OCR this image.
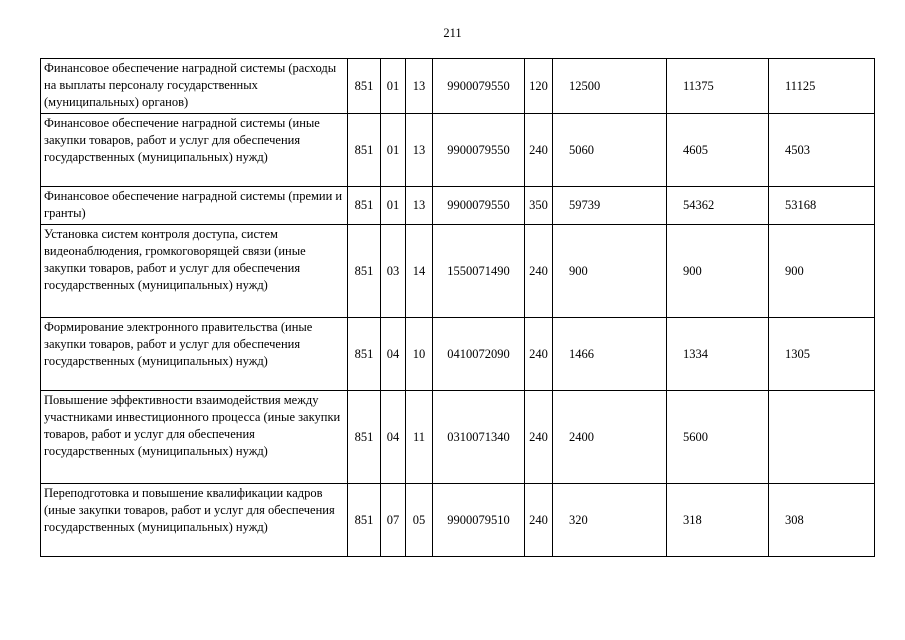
211
Финансовое обеспечение наградной системы (расходы на выплаты персоналу государственных (муниципальных) органов)	851	01	13	9900079550	120	12500	11375	11125
Финансовое обеспечение наградной системы (иные закупки товаров, работ и услуг для обеспечения государственных (муниципальных) нужд)	851	01	13	9900079550	240	5060	4605	4503
Финансовое обеспечение наградной системы (премии и гранты)	851	01	13	9900079550	350	59739	54362	53168
Установка систем контроля доступа, систем видеонаблюдения, громкоговорящей связи (иные закупки товаров, работ и услуг для обеспечения государственных (муниципальных) нужд)	851	03	14	1550071490	240	900	900	900
Формирование электронного правительства (иные закупки товаров, работ и услуг для обеспечения государственных (муниципальных) нужд)	851	04	10	0410072090	240	1466	1334	1305
Повышение эффективности взаимодействия между участниками инвестиционного процесса (иные закупки товаров, работ и услуг для обеспечения государственных (муниципальных) нужд)	851	04	11	0310071340	240	2400	5600	
Переподготовка и повышение квалификации кадров (иные закупки товаров, работ и услуг для обеспечения государственных (муниципальных) нужд)	851	07	05	9900079510	240	320	318	308
